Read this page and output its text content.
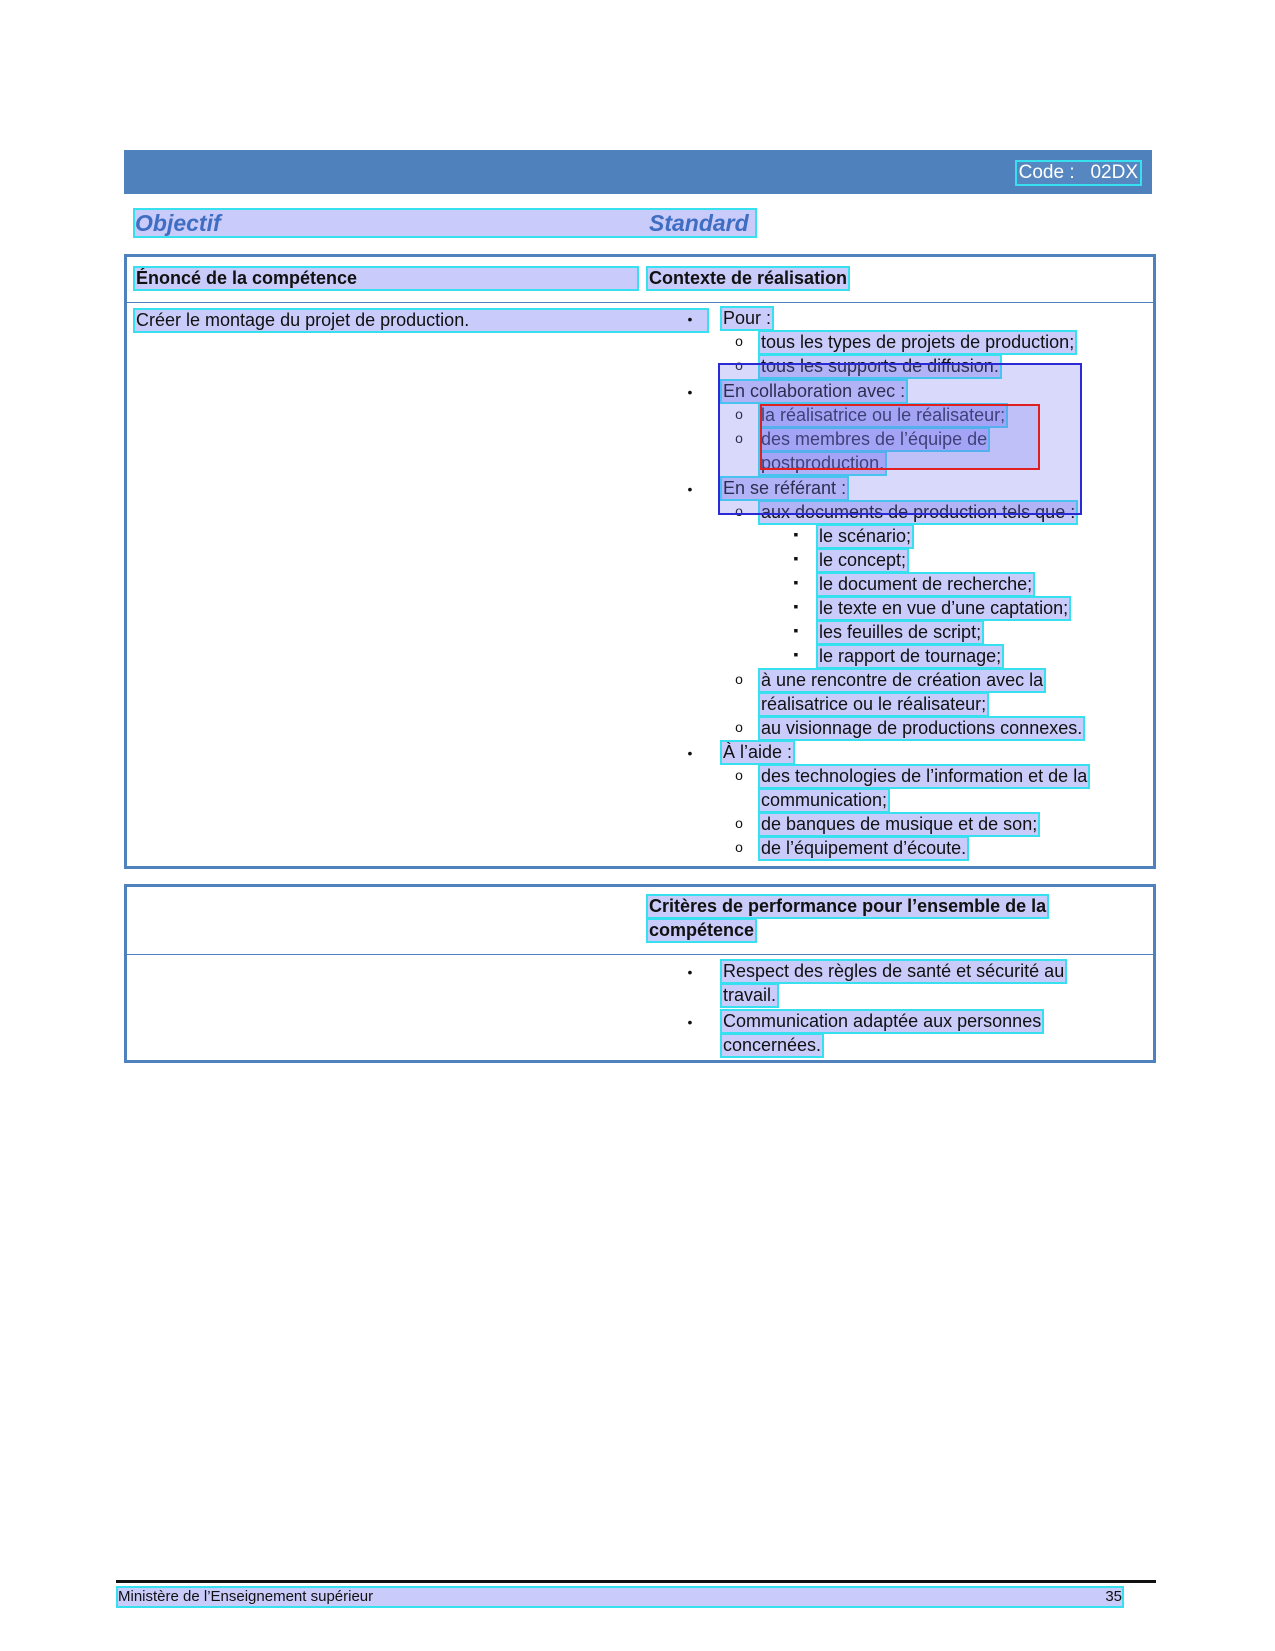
Code : 02DX
Objectif	Standard
Énoncé de la compétence	Contexte de réalisation
Créer le montage du projet de production.	• Pour :
o tous les types de projets de production;
o tous les supports de diffusion.
• En collaboration avec :
o la réalisatrice ou le réalisateur;
o des membres de l’équipe de
postproduction.
• En se référant :
o aux documents de production tels que :
▪ le scénario;
▪ le concept;
▪ le document de recherche;
▪ le texte en vue d’une captation;
▪ les feuilles de script;
▪ le rapport de tournage;
o à une rencontre de création avec la
réalisatrice ou le réalisateur;
o au visionnage de productions connexes.
• À l’aide :
o des technologies de l’information et de la
communication;
o de banques de musique et de son;
o de l’équipement d’écoute.
Critères de performance pour l’ensemble de la
compétence
• Respect des règles de santé et sécurité au
travail.
• Communication adaptée aux personnes
concernées.
Ministère de l’Enseignement supérieur	35
